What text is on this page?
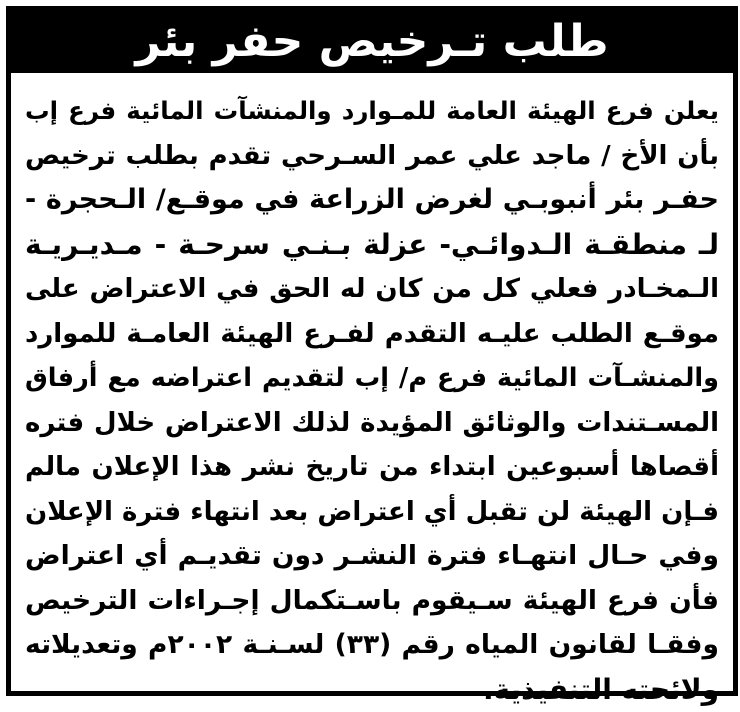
طلب تـرخيص حفر بئر
يعلن فرع الهيئة العامة للمـوارد والمنشآت المائية فرع إب
بأن الأخ / ماجد علي عمر السـرحي تقدم بطلب ترخيص
حفـر بئر أنبوبـي لغرض الزراعة في موقـع/ الـحجرة -
لـ منطقـة الـدوائـي- عزلة بـنـي سرحـة - مـديـريـة
الـمخـادر فعلي كل من كان له الحق في الاعتراض على
موقـع الطلب عليـه التقدم لفـرع الهيئة العامـة للموارد
والمنشـآت المائية فرع م/ إب لتقديم اعتراضه مع أرفاق
المسـتندات والوثائق المؤيدة لذلك الاعتراض خلال فتره
أقصاها أسبوعين ابتداء من تاريخ نشر هذا الإعلان مالم
فـإن الهيئة لن تقبل أي اعتراض بعد انتهاء فترة الإعلان
وفي حـال انتهـاء فترة النشـر دون تقديـم أي اعتراض
فأن فرع الهيئة سـيقوم باسـتكمال إجـراءات الترخيص
وفقـا لقانون المياه رقم (٣٣) لسـنـة ٢٠٠٢م وتعديلاته
ولائحته التنفيذية.
